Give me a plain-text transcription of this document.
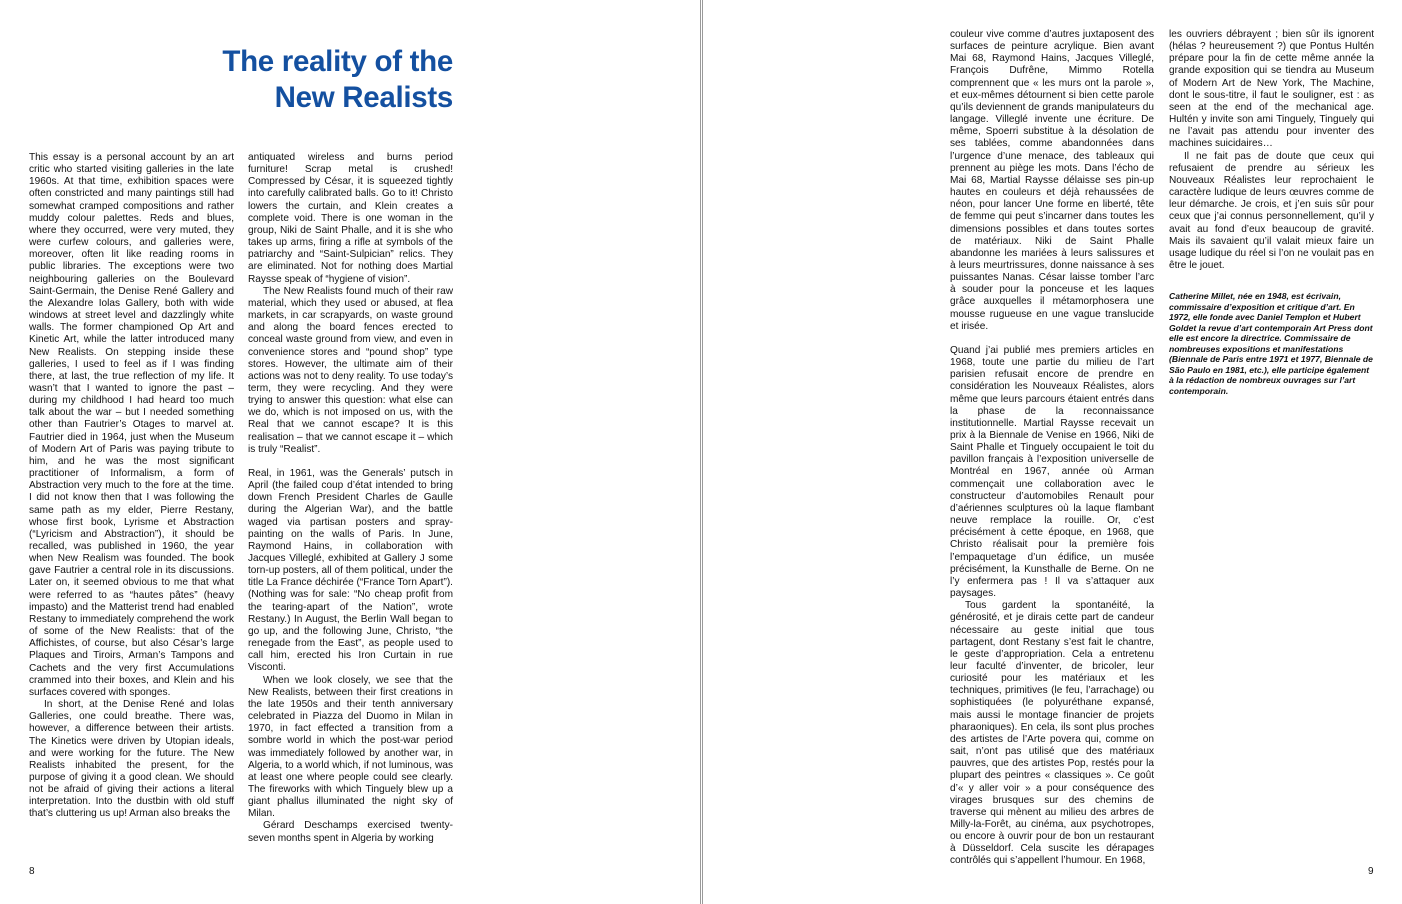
The reality of the
New Realists

This essay is a personal account by an art critic who started visiting galleries in the late 1960s. At that time, exhibition spaces were often constricted and many paintings still had somewhat cramped compositions and rather muddy colour palettes. Reds and blues, where they occurred, were very muted, they were curfew colours, and galleries were, moreover, often lit like reading rooms in public libraries. The exceptions were two neighbouring galleries on the Boulevard Saint-Germain, the Denise René Gallery and the Alexandre Iolas Gallery, both with wide windows at street level and dazzlingly white walls. The former championed Op Art and Kinetic Art, while the latter introduced many New Realists. On stepping inside these galleries, I used to feel as if I was finding there, at last, the true reflection of my life. It wasn’t that I wanted to ignore the past – during my childhood I had heard too much talk about the war – but I needed something other than Fautrier’s Otages to marvel at. Fautrier died in 1964, just when the Museum of Modern Art of Paris was paying tribute to him, and he was the most significant practitioner of Informalism, a form of Abstraction very much to the fore at the time. I did not know then that I was following the same path as my elder, Pierre Restany, whose first book, Lyrisme et Abstraction (“Lyricism and Abstraction”), it should be recalled, was published in 1960, the year when New Realism was founded. The book gave Fautrier a central role in its discussions. Later on, it seemed obvious to me that what were referred to as “hautes pâtes” (heavy impasto) and the Matterist trend had enabled Restany to immediately comprehend the work of some of the New Realists: that of the Affichistes, of course, but also César’s large Plaques and Tiroirs, Arman’s Tampons and Cachets and the very first Accumulations crammed into their boxes, and Klein and his surfaces covered with sponges.

In short, at the Denise René and Iolas Galleries, one could breathe. There was, however, a difference between their artists. The Kinetics were driven by Utopian ideals, and were working for the future. The New Realists inhabited the present, for the purpose of giving it a good clean. We should not be afraid of giving their actions a literal interpretation. Into the dustbin with old stuff that’s cluttering us up! Arman also breaks the

antiquated wireless and burns period furniture! Scrap metal is crushed! Compressed by César, it is squeezed tightly into carefully calibrated balls. Go to it! Christo lowers the curtain, and Klein creates a complete void. There is one woman in the group, Niki de Saint Phalle, and it is she who takes up arms, firing a rifle at symbols of the patriarchy and “Saint-Sulpician” relics. They are eliminated. Not for nothing does Martial Raysse speak of “hygiene of vision”.

The New Realists found much of their raw material, which they used or abused, at flea markets, in car scrapyards, on waste ground and along the board fences erected to conceal waste ground from view, and even in convenience stores and “pound shop” type stores. However, the ultimate aim of their actions was not to deny reality. To use today’s term, they were recycling. And they were trying to answer this question: what else can we do, which is not imposed on us, with the Real that we cannot escape? It is this realisation – that we cannot escape it – which is truly “Realist”.

Real, in 1961, was the Generals’ putsch in April (the failed coup d’état intended to bring down French President Charles de Gaulle during the Algerian War), and the battle waged via partisan posters and spray-painting on the walls of Paris. In June, Raymond Hains, in collaboration with Jacques Villeglé, exhibited at Gallery J some torn-up posters, all of them political, under the title La France déchirée (“France Torn Apart”). (Nothing was for sale: “No cheap profit from the tearing-apart of the Nation”, wrote Restany.) In August, the Berlin Wall began to go up, and the following June, Christo, “the renegade from the East”, as people used to call him, erected his Iron Curtain in rue Visconti.

When we look closely, we see that the New Realists, between their first creations in the late 1950s and their tenth anniversary celebrated in Piazza del Duomo in Milan in 1970, in fact effected a transition from a sombre world in which the post-war period was immediately followed by another war, in Algeria, to a world which, if not luminous, was at least one where people could see clearly. The fireworks with which Tinguely blew up a giant phallus illuminated the night sky of Milan.

Gérard Deschamps exercised twenty-seven months spent in Algeria by working

8

couleur vive comme d’autres juxtaposent des surfaces de peinture acrylique. Bien avant Mai 68, Raymond Hains, Jacques Villeglé, François Dufrêne, Mimmo Rotella comprennent que « les murs ont la parole », et eux-mêmes détournent si bien cette parole qu’ils deviennent de grands manipulateurs du langage. Villeglé invente une écriture. De même, Spoerri substitue à la désolation de ses tablées, comme abandonnées dans l’urgence d’une menace, des tableaux qui prennent au piège les mots. Dans l’écho de Mai 68, Martial Raysse délaisse ses pin-up hautes en couleurs et déjà rehaussées de néon, pour lancer Une forme en liberté, tête de femme qui peut s’incarner dans toutes les dimensions possibles et dans toutes sortes de matériaux. Niki de Saint Phalle abandonne les mariées à leurs salissures et à leurs meurtrissures, donne naissance à ses puissantes Nanas. César laisse tomber l’arc à souder pour la ponceuse et les laques grâce auxquelles il métamorphosera une mousse rugueuse en une vague translucide et irisée.

Quand j’ai publié mes premiers articles en 1968, toute une partie du milieu de l’art parisien refusait encore de prendre en considération les Nouveaux Réalistes, alors même que leurs parcours étaient entrés dans la phase de la reconnaissance institutionnelle. Martial Raysse recevait un prix à la Biennale de Venise en 1966, Niki de Saint Phalle et Tinguely occupaient le toit du pavillon français à l’exposition universelle de Montréal en 1967, année où Arman commençait une collaboration avec le constructeur d’automobiles Renault pour d’aériennes sculptures où la laque flambant neuve remplace la rouille. Or, c’est précisément à cette époque, en 1968, que Christo réalisait pour la première fois l’empaquetage d’un édifice, un musée précisément, la Kunsthalle de Berne. On ne l’y enfermera pas ! Il va s’attaquer aux paysages.

Tous gardent la spontanéité, la générosité, et je dirais cette part de candeur nécessaire au geste initial que tous partagent, dont Restany s’est fait le chantre, le geste d’appropriation. Cela a entretenu leur faculté d’inventer, de bricoler, leur curiosité pour les matériaux et les techniques, primitives (le feu, l’arrachage) ou sophistiquées (le polyuréthane expansé, mais aussi le montage financier de projets pharaoniques). En cela, ils sont plus proches des artistes de l’Arte povera qui, comme on sait, n’ont pas utilisé que des matériaux pauvres, que des artistes Pop, restés pour la plupart des peintres « classiques ». Ce goût d’« y aller voir » a pour conséquence des virages brusques sur des chemins de traverse qui mènent au milieu des arbres de Milly-la-Forêt, au cinéma, aux psychotropes, ou encore à ouvrir pour de bon un restaurant à Düsseldorf. Cela suscite les dérapages contrôlés qui s’appellent l’humour. En 1968,

les ouvriers débrayent ; bien sûr ils ignorent (hélas ? heureusement ?) que Pontus Hultén prépare pour la fin de cette même année la grande exposition qui se tiendra au Museum of Modern Art de New York, The Machine, dont le sous-titre, il faut le souligner, est : as seen at the end of the mechanical age. Hultén y invite son ami Tinguely, Tinguely qui ne l’avait pas attendu pour inventer des machines suicidaires…

Il ne fait pas de doute que ceux qui refusaient de prendre au sérieux les Nouveaux Réalistes leur reprochaient le caractère ludique de leurs œuvres comme de leur démarche. Je crois, et j’en suis sûr pour ceux que j’ai connus personnellement, qu’il y avait au fond d’eux beaucoup de gravité. Mais ils savaient qu’il valait mieux faire un usage ludique du réel si l’on ne voulait pas en être le jouet.

Catherine Millet, née en 1948, est écrivain, commissaire d’exposition et critique d’art. En 1972, elle fonde avec Daniel Templon et Hubert Goldet la revue d’art contemporain Art Press dont elle est encore la directrice. Commissaire de nombreuses expositions et manifestations (Biennale de Paris entre 1971 et 1977, Biennale de São Paulo en 1981, etc.), elle participe également à la rédaction de nombreux ouvrages sur l’art contemporain.
9
